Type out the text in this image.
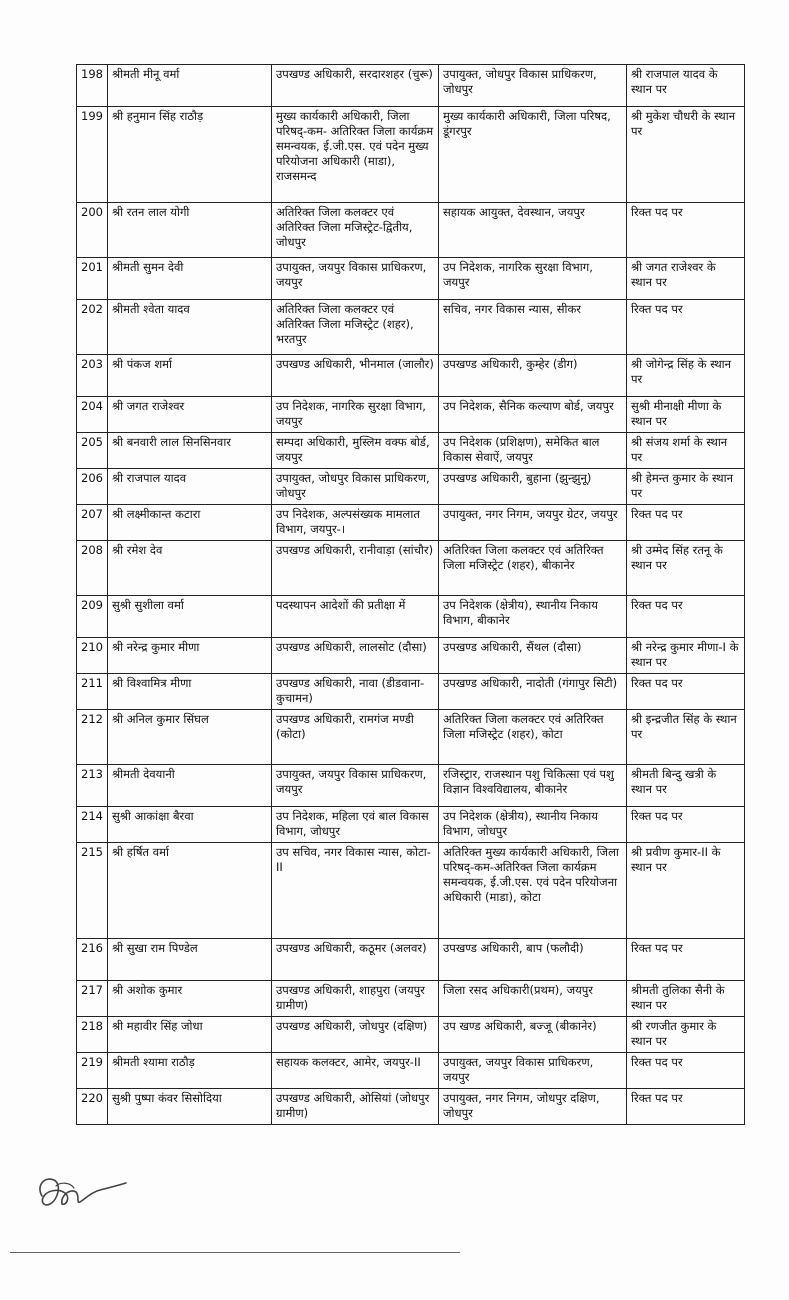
198	श्रीमती मीनू वर्मा	उपखण्ड अधिकारी, सरदारशहर (चुरू)	उपायुक्त, जोधपुर विकास प्राधिकरण, जोधपुर	श्री राजपाल यादव के स्थान पर
199	श्री हनुमान सिंह राठौड़	मुख्य कार्यकारी अधिकारी, जिला परिषद्-कम- अतिरिक्त जिला कार्यक्रम समन्वयक, ई.जी.एस. एवं पदेन मुख्य परियोजना अधिकारी (माडा), राजसमन्द	मुख्य कार्यकारी अधिकारी, जिला परिषद, डूंगरपुर	श्री मुकेश चौधरी के स्थान पर
200	श्री रतन लाल योगी	अतिरिक्त जिला कलक्टर एवं अतिरिक्त जिला मजिस्ट्रेट-द्वितीय, जोधपुर	सहायक आयुक्त, देवस्थान, जयपुर	रिक्त पद पर
201	श्रीमती सुमन देवी	उपायुक्त, जयपुर विकास प्राधिकरण, जयपुर	उप निदेशक, नागरिक सुरक्षा विभाग, जयपुर	श्री जगत राजेश्वर के स्थान पर
202	श्रीमती श्वेता यादव	अतिरिक्त जिला कलक्टर एवं अतिरिक्त जिला मजिस्ट्रेट (शहर), भरतपुर	सचिव, नगर विकास न्यास, सीकर	रिक्त पद पर
203	श्री पंकज शर्मा	उपखण्ड अधिकारी, भीनमाल (जालौर)	उपखण्ड अधिकारी, कुम्हेर (डीग)	श्री जोगेन्द्र सिंह के स्थान पर
204	श्री जगत राजेश्वर	उप निदेशक, नागरिक सुरक्षा विभाग, जयपुर	उप निदेशक, सैनिक कल्याण बोर्ड, जयपुर	सुश्री मीनाक्षी मीणा के स्थान पर
205	श्री बनवारी लाल सिनसिनवार	सम्पदा अधिकारी, मुस्लिम वक्फ बोर्ड, जयपुर	उप निदेशक (प्रशिक्षण), समेकित बाल विकास सेवाऐं, जयपुर	श्री संजय शर्मा के स्थान पर
206	श्री राजपाल यादव	उपायुक्त, जोधपुर विकास प्राधिकरण, जोधपुर	उपखण्ड अधिकारी, बुहाना (झुन्झुनू)	श्री हेमन्त कुमार के स्थान पर
207	श्री लक्ष्मीकान्त कटारा	उप निदेशक, अल्पसंख्यक मामलात विभाग, जयपुर-।	उपायुक्त, नगर निगम, जयपुर ग्रेटर, जयपुर	रिक्त पद पर
208	श्री रमेश देव	उपखण्ड अधिकारी, रानीवाड़ा (सांचौर)	अतिरिक्त जिला कलक्टर एवं अतिरिक्त जिला मजिस्ट्रेट (शहर), बीकानेर	श्री उम्मेद सिंह रतनू के स्थान पर
209	सुश्री सुशीला वर्मा	पदस्थापन आदेशों की प्रतीक्षा में	उप निदेशक (क्षेत्रीय), स्थानीय निकाय विभाग, बीकानेर	रिक्त पद पर
210	श्री नरेन्द्र कुमार मीणा	उपखण्ड अधिकारी, लालसोट (दौसा)	उपखण्ड अधिकारी, सैंथल (दौसा)	श्री नरेन्द्र कुमार मीणा-I के स्थान पर
211	श्री विश्वामित्र मीणा	उपखण्ड अधिकारी, नावा (डीडवाना-कुचामन)	उपखण्ड अधिकारी, नादोती (गंगापुर सिटी)	रिक्त पद पर
212	श्री अनिल कुमार सिंघल	उपखण्ड अधिकारी, रामगंज मण्डी (कोटा)	अतिरिक्त जिला कलक्टर एवं अतिरिक्त जिला मजिस्ट्रेट (शहर), कोटा	श्री इन्द्रजीत सिंह के स्थान पर
213	श्रीमती देवयानी	उपायुक्त, जयपुर विकास प्राधिकरण, जयपुर	रजिस्ट्रार, राजस्थान पशु चिकित्सा एवं पशु विज्ञान विश्वविद्यालय, बीकानेर	श्रीमती बिन्दु खत्री के स्थान पर
214	सुश्री आकांक्षा बैरवा	उप निदेशक, महिला एवं बाल विकास विभाग, जोधपुर	उप निदेशक (क्षेत्रीय), स्थानीय निकाय विभाग, जोधपुर	रिक्त पद पर
215	श्री हर्षित वर्मा	उप सचिव, नगर विकास न्यास, कोटा-II	अतिरिक्त मुख्य कार्यकारी अधिकारी, जिला परिषद्-कम-अतिरिक्त जिला कार्यक्रम समन्वयक, ई.जी.एस. एवं पदेन परियोजना अधिकारी (माडा), कोटा	श्री प्रवीण कुमार-II के स्थान पर
216	श्री सुखा राम पिण्डेल	उपखण्ड अधिकारी, कठूमर (अलवर)	उपखण्ड अधिकारी, बाप (फलौदी)	रिक्त पद पर
217	श्री अशोक कुमार	उपखण्ड अधिकारी, शाहपुरा (जयपुर ग्रामीण)	जिला रसद अधिकारी(प्रथम), जयपुर	श्रीमती तुलिका सैनी के स्थान पर
218	श्री महावीर सिंह जोधा	उपखण्ड अधिकारी, जोधपुर (दक्षिण)	उप खण्ड अधिकारी, बज्जू (बीकानेर)	श्री रणजीत कुमार के स्थान पर
219	श्रीमती श्यामा राठौड़	सहायक कलक्टर, आमेर, जयपुर-II	उपायुक्त, जयपुर विकास प्राधिकरण, जयपुर	रिक्त पद पर
220	सुश्री पुष्पा कंवर सिसोदिया	उपखण्ड अधिकारी, ओसियां (जोधपुर ग्रामीण)	उपायुक्त, नगर निगम, जोधपुर दक्षिण, जोधपुर	रिक्त पद पर
